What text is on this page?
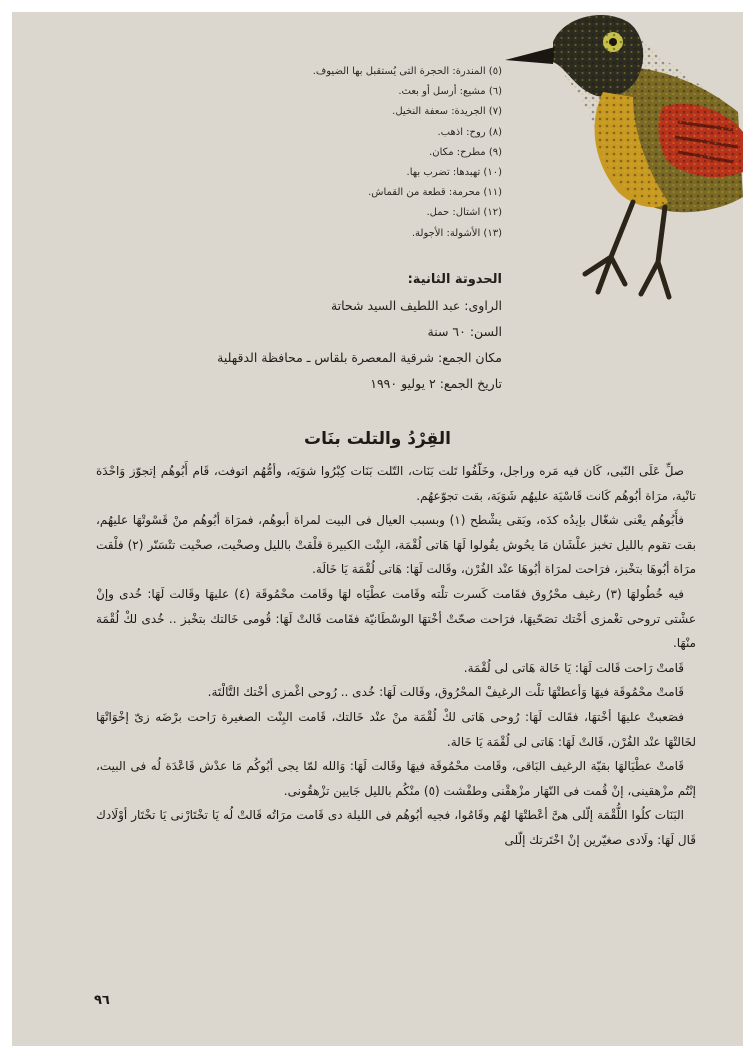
(٥) المندرة: الحجرة التى يُستقبل بها الضيوف.
(٦) مشيع: أرسل أو بعث.
(٧) الجريدة: سعفة النخيل.
(٨) روح: اذهب.
(٩) مطرح: مكان.
(١٠) تهبدها: تضرب بها.
(١١) محرمة: قطعة من القماش.
(١٢) اشتال: حمل.
(١٣) الأشولة: الأجولة.
الحدوتة الثانية:
الراوى: عبد اللطيف السيد شحاتة
السن: ٦٠ سنة
مكان الجمع: شرقية المعصرة بلقاس ـ محافظة الدقهلية
تاريخ الجمع: ٢ يوليو ١٩٩٠
القِرْدُ والتلت بنَات

صلِّ عَلَى النّبى، كَان فيه مَره وراجل، وخَلّفُوا تَلت بَنَات، التّلت بَنَات كِبْرُوا شوَيَه، وأمُّهُم اتوفت، قَام أَبُوهُم إتجوّز وَاحْدَة تانْية، مرَاة أبُوهُم كَانت قَاسْيَة عليهُم شَوَيَة، بقت تجوّعهُم.

فأَبُوهُم يعْنى شغّال بإيدُه كدَه، وبَقى يشْطح (١) وبسبب العيال فى البيت لمراة أبوهُم، فمرَاة أبُوهُم منْ قَسْوتْهَا عليهُم، بقت تقوم بالليل تخبز علْشَان مَا يحُوش يقُولوا لَهَا هَاتى لُقْمَة، البِنْت الكبيرة قلْقتْ بالليل وصحْيت، صحْيت تتْسَنّر (٢) فلْقت مرَاة أبُوهَا بتخْبز، فرَاحت لمرَاة أبُوهَا عنْد الفُرْن، وقَالت لَهَا: هَاتى لُقْمَة يَا خَالَة.

فيه خُطُولهَا (٣) رغيف محْرُوق فقَامت كَسرت تلْته وقَامت عطْيَاه لهَا وقَامت محْمُوقَة (٤) عليهَا وقَالت لَهَا: خُدى وإنْ عشْتى تروحى تغْمزى أخْتك تصَحّيهَا، فرَاحت صحّتْ أخْتهَا الوسْطَانيّة فقَامت قَالتْ لَهَا: قُومى خَالتك بتخْبز .. خُدى لكْ لُقْمَة منْهَا.

قَامتْ رَاحت قَالت لَهَا: يَا خَالة هَاتى لى لُقْمَة.

قَامتْ محْمُوقَة فيهَا وَأعطتْهَا تلْت الرغيفْ المحْرُوق، وقَالت لَهَا: خُدى .. رُوحى اغْمزى أخْتك التَّالْتَة.

فصَعبتْ عليهَا أخْتهَا، فقَالت لَهَا: رُوحى هَاتى لكْ لُقْمَة منْ عنْد خَالتك، قَامت البِنْت الصغيرة رَاحت برْضَه زىّ إخْوَاتْهَا لخَالتْهَا عنْد الفُرْن، قَالتْ لَهَا: هَاتى لى لُقْمَة يَا خَالة.

قَامتْ عطْيَالهَا بقيّة الرغيف البَاقى، وقَامت محْمُوقَة فيهَا وقَالت لَهَا: وَالله لمّا يجى أبُوكُم مَا عدْش قَاعْدَة لُه فى البيت، إنْتُم مزْهقينى، إنْ قُمت فى النّهَار مزْهقْنى وطفْشت (٥) منْكُم بالليل جَايين تزْهقُونى.

البَنَات كلُوا اللُّقْمَة إلّلى هىَّ أعْطتْهَا لهُم وقَامُوا، فجيه أبُوهُم فى الليلة دى قَامت مرَاتُه قَالتْ لُه يَا تخْتَارْنى يَا تخْتَار أوْلَادك قَال لَهَا: ولَادى صغيّرين إنْ اخْتَرتك إلّلى

٩٦
